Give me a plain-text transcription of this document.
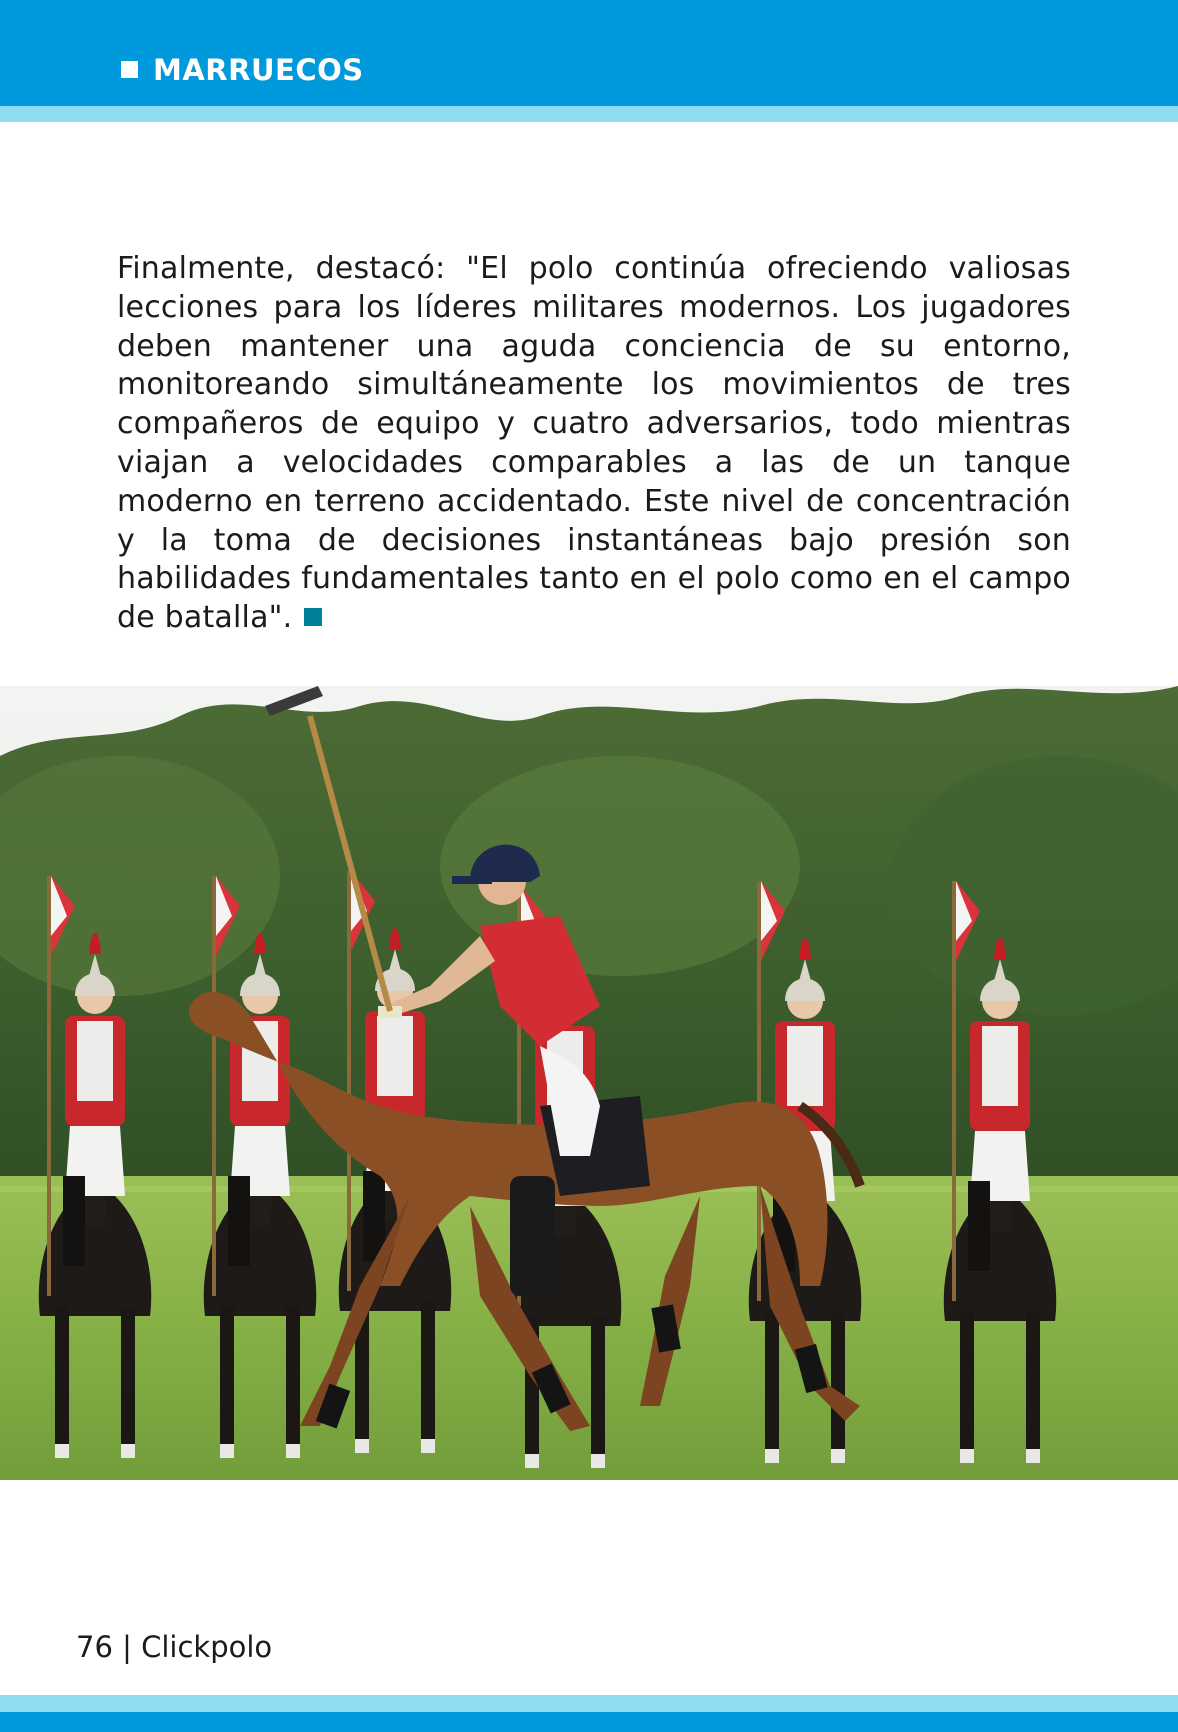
MARRUECOS

Finalmente, destacó: "El polo continúa ofreciendo valiosas lecciones para los líderes militares modernos. Los jugadores deben mantener una aguda conciencia de su entorno, monitoreando simultáneamente los movimientos de tres compañeros de equipo y cuatro adversarios, todo mientras viajan a velocidades comparables a las de un tanque moderno en terreno accidentado. Este nivel de concentración y la toma de decisiones instantáneas bajo presión son habilidades fundamentales tanto en el polo como en el campo de batalla".

76 | Clickpolo
